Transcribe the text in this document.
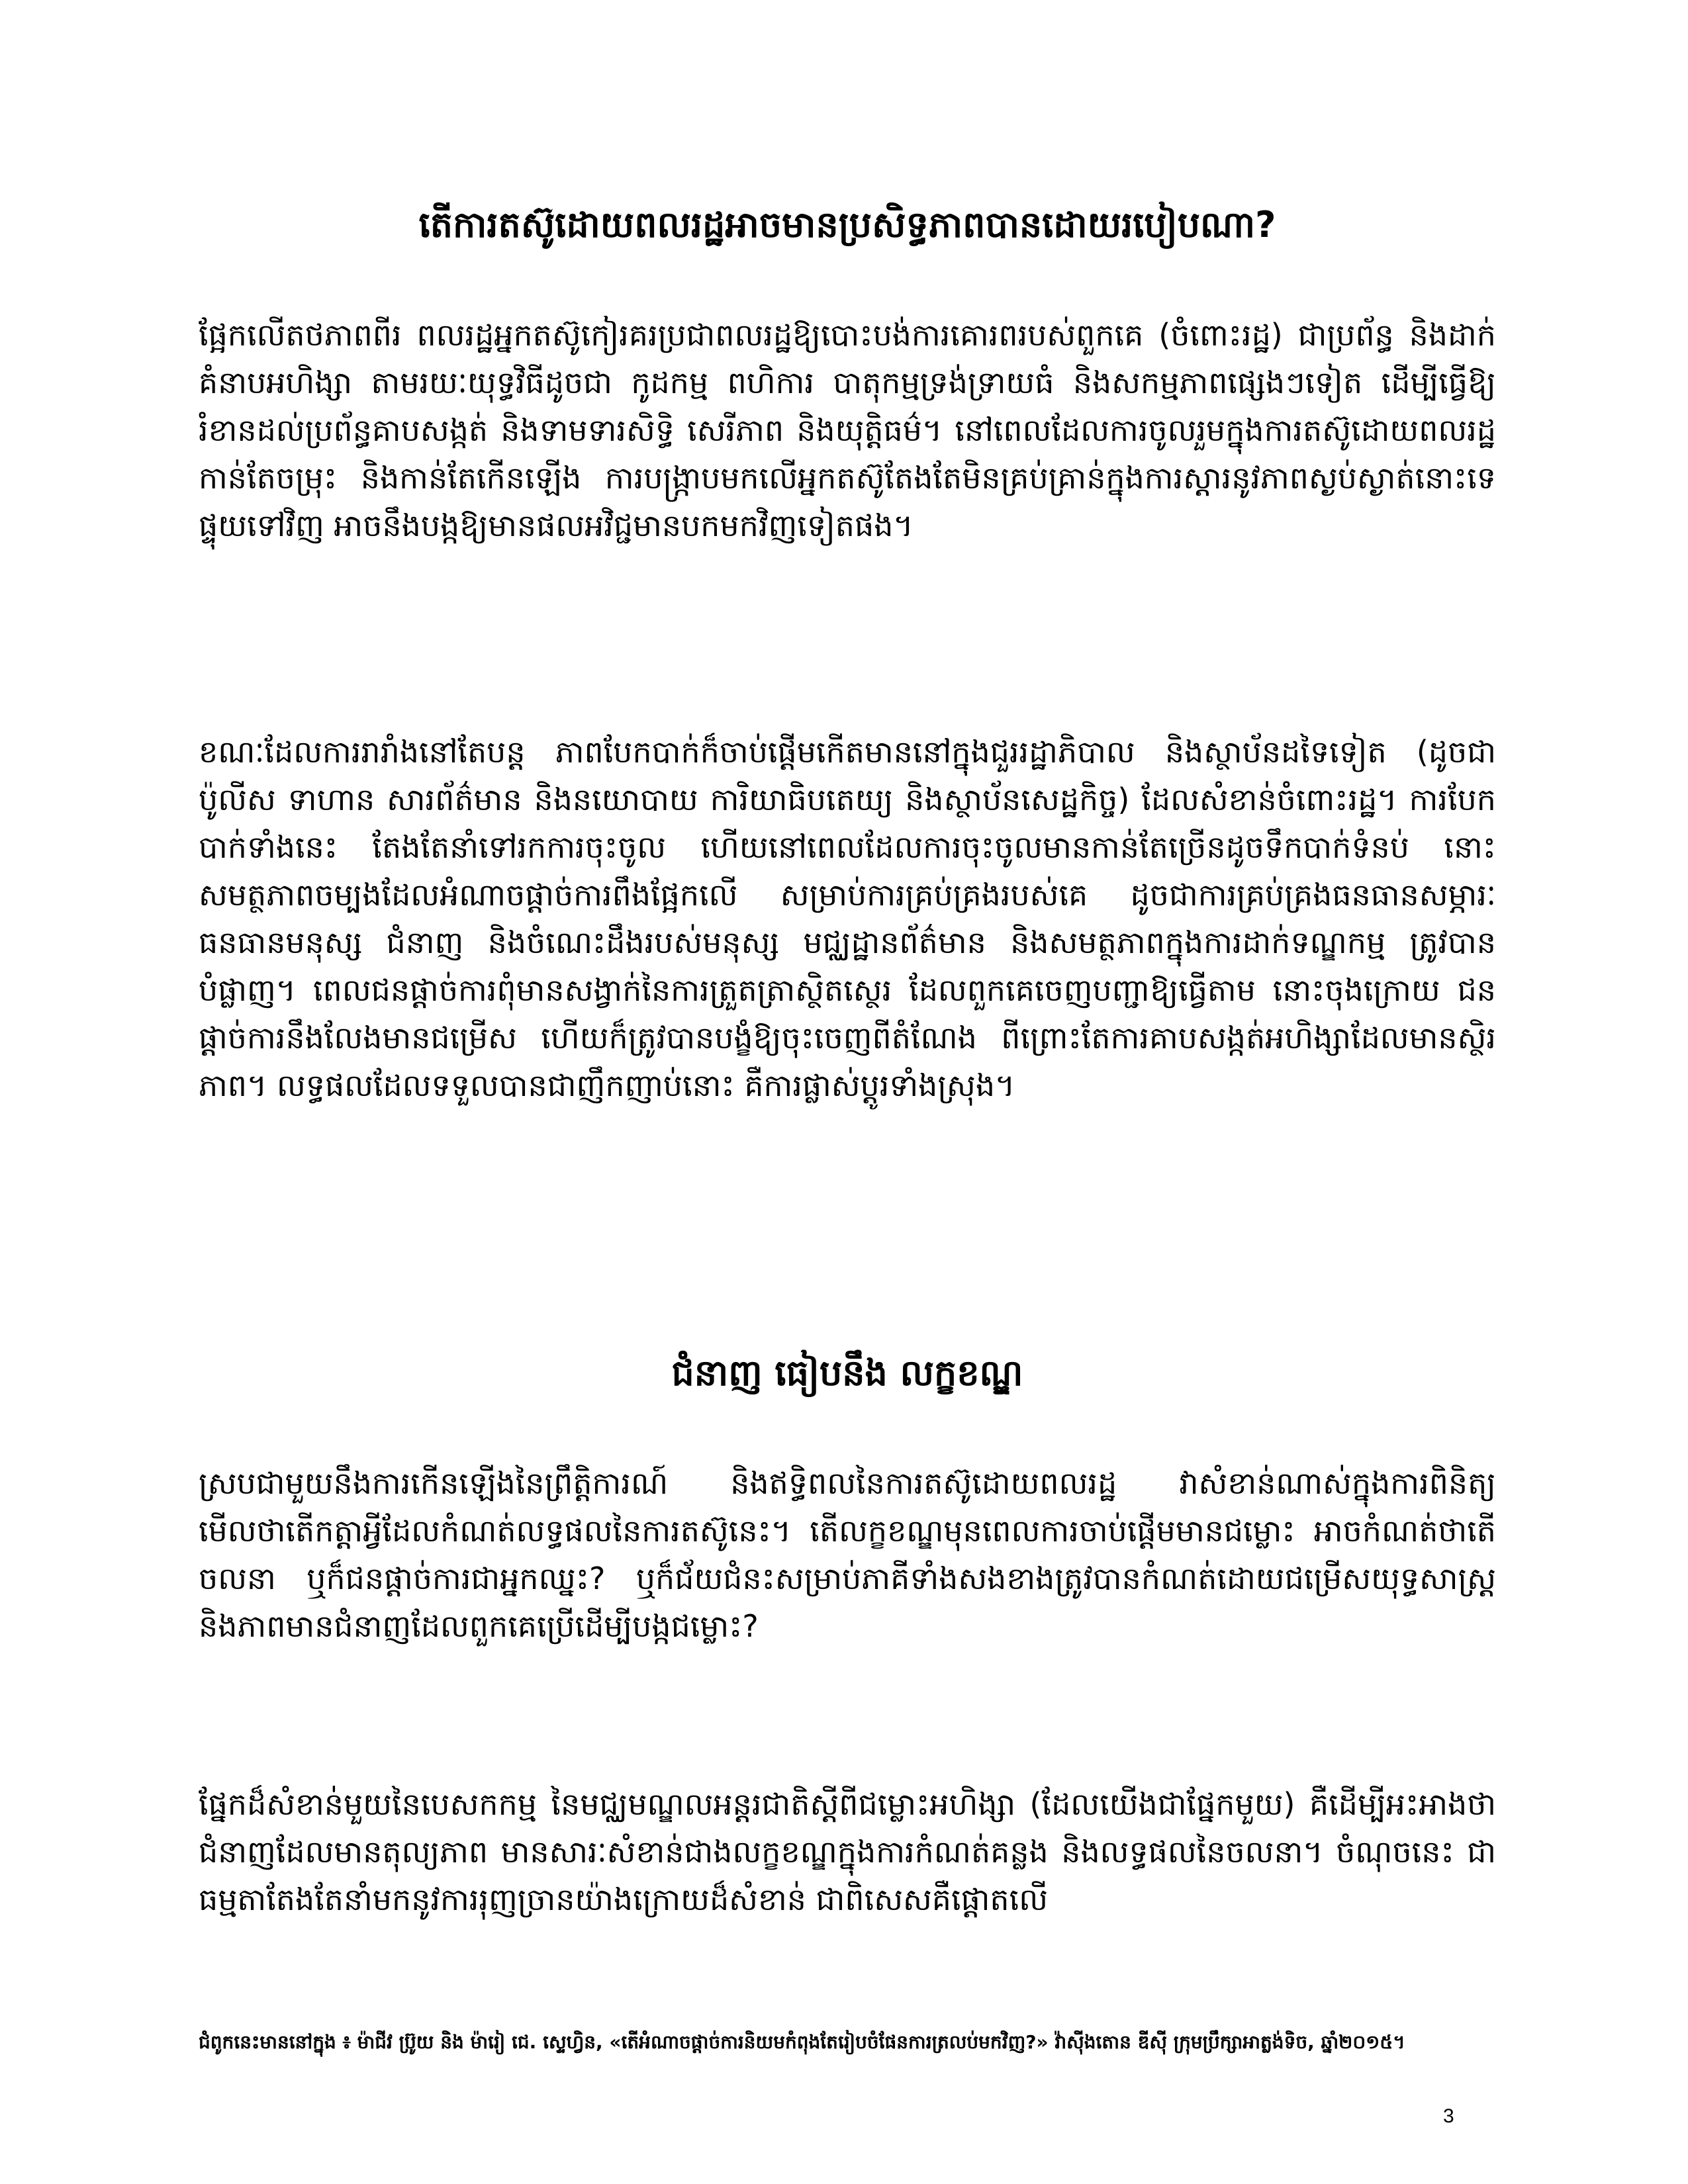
តើការតស៊ូដោយពលរដ្ឋអាចមានប្រសិទ្ធភាពបានដោយរបៀបណា?

ផ្អែកលើតថភាពពីរ ពលរដ្ឋអ្នកតស៊ូកៀរគរប្រជាពលរដ្ឋឱ្យបោះបង់ការគោរពរបស់ពួកគេ (ចំពោះរដ្ឋ) ជាប្រព័ន្ធ និងដាក់គំនាបអហិង្សា តាមរយៈយុទ្ធវិធីដូចជា កូដកម្ម ពហិការ បាតុកម្មទ្រង់ទ្រាយធំ និងសកម្មភាពផ្សេងៗទៀត ដើម្បីធ្វើឱ្យរំខានដល់ប្រព័ន្ធគាបសង្កត់ និងទាមទារសិទ្ធិ សេរីភាព និងយុត្តិធម៌។ នៅពេលដែលការចូលរួមក្នុងការតស៊ូដោយពលរដ្ឋកាន់តែចម្រុះ និងកាន់តែកើនឡើង ការបង្ក្រាបមកលើអ្នកតស៊ូតែងតែមិនគ្រប់គ្រាន់ក្នុងការស្ដារនូវភាពស្ងប់ស្ងាត់នោះទេ ផ្ទុយទៅវិញ អាចនឹងបង្កឱ្យមានផលអវិជ្ជមានបកមកវិញទៀតផង។

ខណៈដែលការរារាំងនៅតែបន្ត ភាពបែកបាក់ក៏ចាប់ផ្ដើមកើតមាននៅក្នុងជួររដ្ឋាភិបាល និងស្ថាប័នដទៃទៀត (ដូចជា ប៉ូលីស ទាហាន សារព័ត៌មាន និងនយោបាយ ការិយាធិបតេយ្យ និងស្ថាប័នសេដ្ឋកិច្ច) ដែលសំខាន់ចំពោះរដ្ឋ។ ការបែកបាក់ទាំងនេះ តែងតែនាំទៅរកការចុះចូល ហើយនៅពេលដែលការចុះចូលមានកាន់តែច្រើនដូចទឹកបាក់ទំនប់ នោះសមត្ថភាពចម្បងដែលអំណាចផ្ដាច់ការពឹងផ្អែកលើ សម្រាប់ការគ្រប់គ្រងរបស់គេ ដូចជាការគ្រប់គ្រងធនធានសម្ភារៈ ធនធានមនុស្ស ជំនាញ និងចំណេះដឹងរបស់មនុស្ស មជ្ឈដ្ឋានព័ត៌មាន និងសមត្ថភាពក្នុងការដាក់ទណ្ឌកម្ម ត្រូវបានបំផ្លាញ។ ពេលជនផ្ដាច់ការពុំមានសង្វាក់នៃការត្រួតត្រាស្ថិតស្ថេរ ដែលពួកគេចេញបញ្ជាឱ្យធ្វើតាម នោះចុងក្រោយ ជនផ្ដាច់ការនឹងលែងមានជម្រើស ហើយក៏ត្រូវបានបង្ខំឱ្យចុះចេញពីតំណែង ពីព្រោះតែការគាបសង្កត់អហិង្សាដែលមានស្ថិរភាព។ លទ្ធផលដែលទទួលបានជាញឹកញាប់នោះ គឺការផ្លាស់ប្ដូរទាំងស្រុង។

ជំនាញ ធៀបនឹង លក្ខខណ្ឌ

ស្របជាមួយនឹងការកើនឡើងនៃព្រឹត្តិការណ៍ និងឥទ្ធិពលនៃការតស៊ូដោយពលរដ្ឋ វាសំខាន់ណាស់ក្នុងការពិនិត្យមើលថាតើកត្តាអ្វីដែលកំណត់លទ្ធផលនៃការតស៊ូនេះ។ តើលក្ខខណ្ឌមុនពេលការចាប់ផ្ដើមមានជម្លោះ អាចកំណត់ថាតើចលនា ឬក៏ជនផ្ដាច់ការជាអ្នកឈ្នះ? ឬក៏ជ័យជំនះសម្រាប់ភាគីទាំងសងខាងត្រូវបានកំណត់ដោយជម្រើសយុទ្ធសាស្ត្រ និងភាពមានជំនាញដែលពួកគេប្រើដើម្បីបង្កជម្លោះ?

ផ្នែកដ៏សំខាន់មួយនៃបេសកកម្ម នៃមជ្ឈមណ្ឌលអន្តរជាតិស្ដីពីជម្លោះអហិង្សា (ដែលយើងជាផ្នែកមួយ) គឺដើម្បីអះអាងថាជំនាញដែលមានតុល្យភាព មានសារៈសំខាន់ជាងលក្ខខណ្ឌក្នុងការកំណត់គន្លង និងលទ្ធផលនៃចលនា។ ចំណុចនេះ ជាធម្មតាតែងតែនាំមកនូវការរុញច្រានយ៉ាងក្រោយដ៏សំខាន់ ជាពិសេសគឺផ្ដោតលើ

ជំពូកនេះមាននៅក្នុង ៖ ម៉ាជីវ ប៊្រូយ និង ម៉ារៀ ជេ. ស្ទេហ្វិន, «តើអំណាចផ្ដាច់ការនិយមកំពុងតែរៀបចំផែនការត្រលប់មកវិញ?» វ៉ាស៊ីងតោន ឌីស៊ី ក្រុមប្រឹក្សាអាត្លង់ទិច, ឆ្នាំ២០១៥។

3
